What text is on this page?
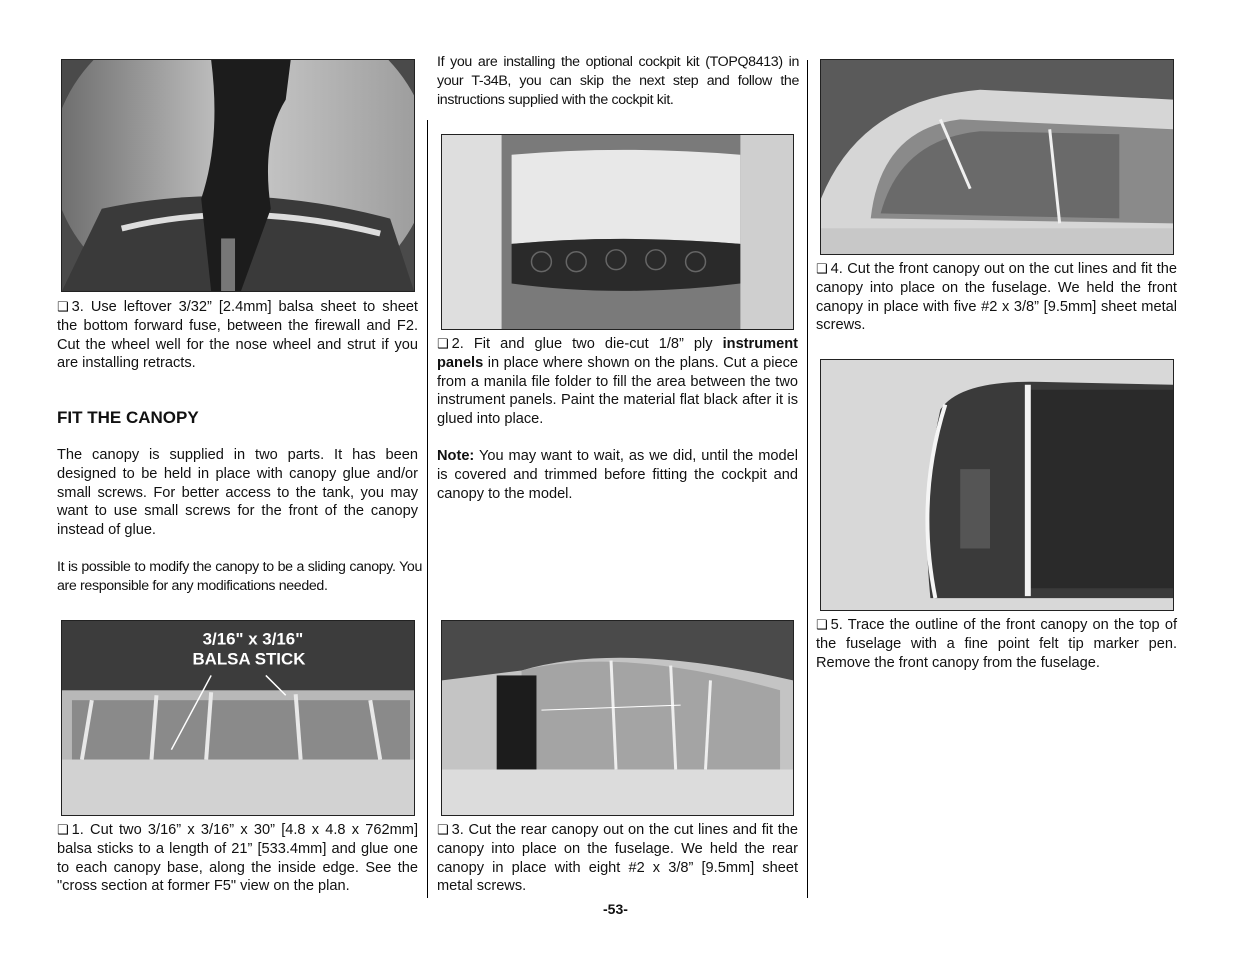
❑ 3. Use leftover 3/32” [2.4mm] balsa sheet to sheet the bottom forward fuse, between the firewall and F2. Cut the wheel well for the nose wheel and strut if you are installing retracts.
FIT THE CANOPY
The canopy is supplied in two parts. It has been designed to be held in place with canopy glue and/or small screws. For better access to the tank, you may want to use small screws for the front of the canopy instead of glue.
It is possible to modify the canopy to be a sliding canopy. You are responsible for any modifications needed.
3/16" x 3/16"
BALSA STICK
❑ 1. Cut two 3/16” x 3/16” x 30” [4.8 x 4.8 x 762mm] balsa sticks to a length of 21” [533.4mm] and glue one to each canopy base, along the inside edge. See the "cross section at former F5" view on the plan.
If you are installing the optional cockpit kit (TOPQ8413) in your T-34B, you can skip the next step and follow the instructions supplied with the cockpit kit.
❑ 2. Fit and glue two die-cut 1/8” ply instrument panels in place where shown on the plans. Cut a piece from a manila file folder to fill the area between the two instrument panels. Paint the material flat black after it is glued into place.
Note: You may want to wait, as we did, until the model is covered and trimmed before fitting the cockpit and canopy to the model.
❑ 3. Cut the rear canopy out on the cut lines and fit the canopy into place on the fuselage. We held the rear canopy in place with eight #2 x 3/8” [9.5mm] sheet metal screws.
❑ 4. Cut the front canopy out on the cut lines and fit the canopy into place on the fuselage. We held the front canopy in place with five #2 x 3/8” [9.5mm] sheet metal screws.
❑ 5. Trace the outline of the front canopy on the top of the fuselage with a fine point felt tip marker pen. Remove the front canopy from the fuselage.
-53-
